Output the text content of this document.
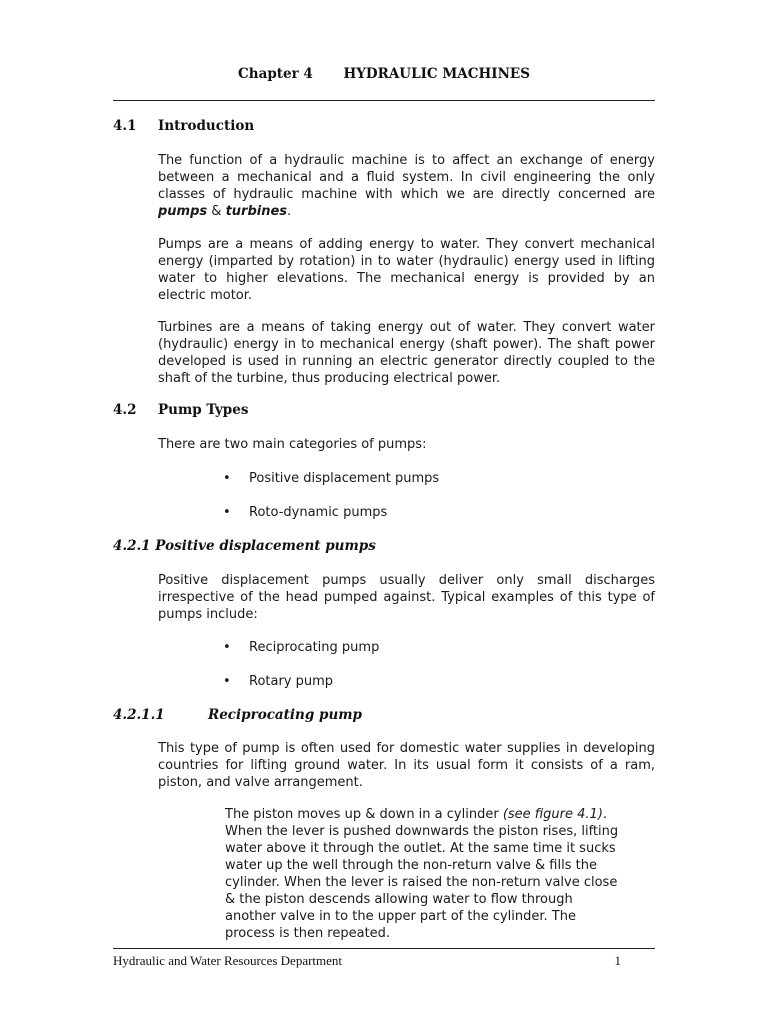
Chapter 4 HYDRAULIC MACHINES
4.1 Introduction
The function of a hydraulic machine is to affect an exchange of energy between a mechanical and a fluid system. In civil engineering the only classes of hydraulic machine with which we are directly concerned are pumps & turbines.
Pumps are a means of adding energy to water. They convert mechanical energy (imparted by rotation) in to water (hydraulic) energy used in lifting water to higher elevations. The mechanical energy is provided by an electric motor.
Turbines are a means of taking energy out of water. They convert water (hydraulic) energy in to mechanical energy (shaft power). The shaft power developed is used in running an electric generator directly coupled to the shaft of the turbine, thus producing electrical power.
4.2 Pump Types
There are two main categories of pumps:
• Positive displacement pumps
• Roto-dynamic pumps
4.2.1 Positive displacement pumps
Positive displacement pumps usually deliver only small discharges irrespective of the head pumped against. Typical examples of this type of pumps include:
• Reciprocating pump
• Rotary pump
4.2.1.1	Reciprocating pump
This type of pump is often used for domestic water supplies in developing countries for lifting ground water. In its usual form it consists of a ram, piston, and valve arrangement.
The piston moves up & down in a cylinder (see figure 4.1). When the lever is pushed downwards the piston rises, lifting water above it through the outlet. At the same time it sucks water up the well through the non-return valve & fills the cylinder. When the lever is raised the non-return valve close & the piston descends allowing water to flow through another valve in to the upper part of the cylinder. The process is then repeated.
Hydraulic and Water Resources Department	1
